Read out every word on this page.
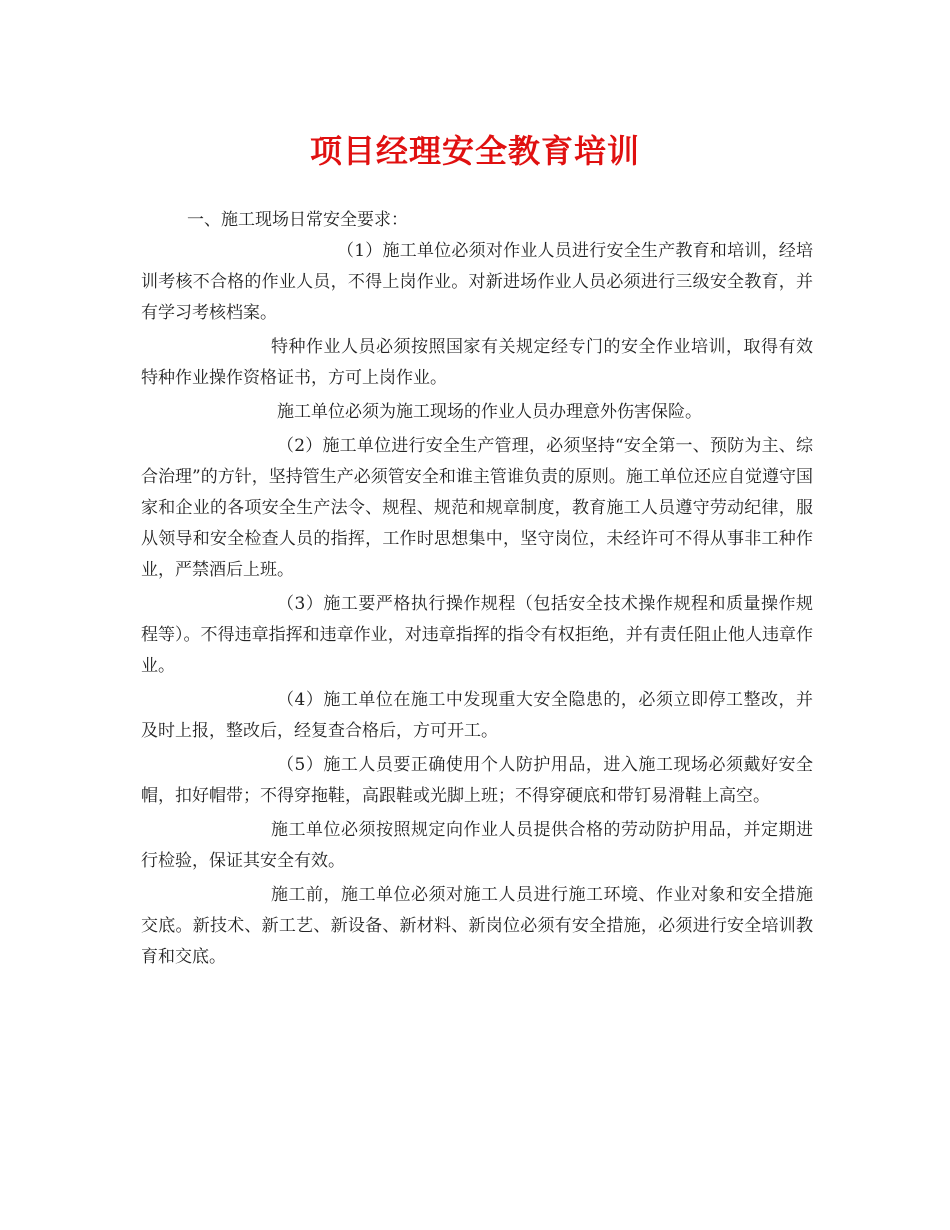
项目经理安全教育培训

一、施工现场日常安全要求：

（1）施工单位必须对作业人员进行安全生产教育和培训，经培训考核不合格的作业人员，不得上岗作业。对新进场作业人员必须进行三级安全教育，并有学习考核档案。

特种作业人员必须按照国家有关规定经专门的安全作业培训，取得有效特种作业操作资格证书，方可上岗作业。

施工单位必须为施工现场的作业人员办理意外伤害保险。

（2）施工单位进行安全生产管理，必须坚持“安全第一、预防为主、综合治理”的方针，坚持管生产必须管安全和谁主管谁负责的原则。施工单位还应自觉遵守国家和企业的各项安全生产法令、规程、规范和规章制度，教育施工人员遵守劳动纪律，服从领导和安全检查人员的指挥，工作时思想集中，坚守岗位，未经许可不得从事非工种作业，严禁酒后上班。

（3）施工要严格执行操作规程（包括安全技术操作规程和质量操作规程等）。不得违章指挥和违章作业，对违章指挥的指令有权拒绝，并有责任阻止他人违章作业。

（4）施工单位在施工中发现重大安全隐患的，必须立即停工整改，并及时上报，整改后，经复查合格后，方可开工。

（5）施工人员要正确使用个人防护用品，进入施工现场必须戴好安全帽，扣好帽带；不得穿拖鞋，高跟鞋或光脚上班；不得穿硬底和带钉易滑鞋上高空。

施工单位必须按照规定向作业人员提供合格的劳动防护用品，并定期进行检验，保证其安全有效。

施工前，施工单位必须对施工人员进行施工环境、作业对象和安全措施交底。新技术、新工艺、新设备、新材料、新岗位必须有安全措施，必须进行安全培训教育和交底。
